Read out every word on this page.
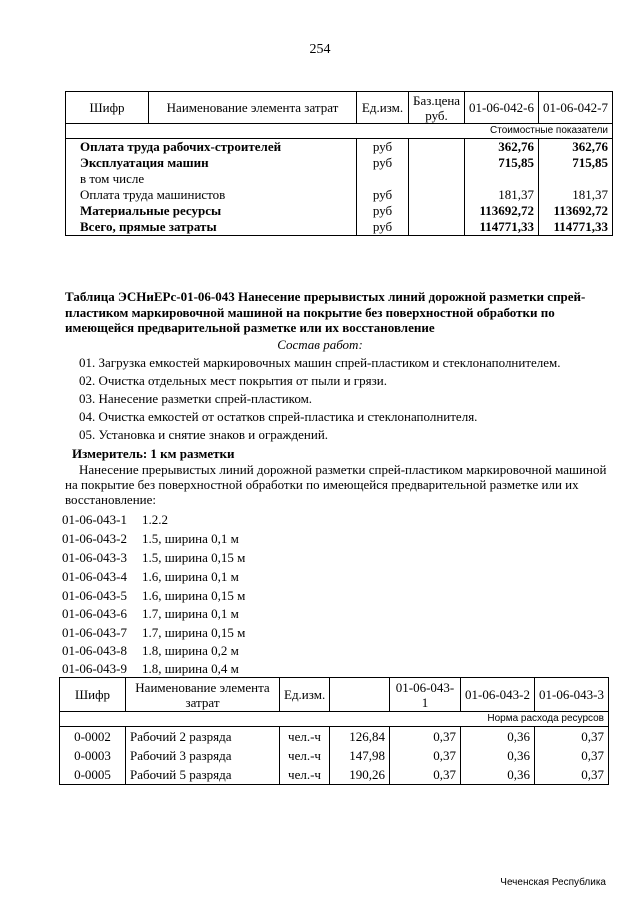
254
Шифр	Наименование элемента затрат	Ед.изм.	Баз.цена руб.	01-06-042-6	01-06-042-7
Стоимостные показатели					
Оплата труда рабочих-строителей		руб		362,76	362,76
Эксплуатация машин		руб		715,85	715,85
в том числе					
Оплата труда машинистов		руб		181,37	181,37
Материальные ресурсы		руб		113692,72	113692,72
Всего, прямые затраты		руб		114771,33	114771,33
Таблица ЭСНиЕРс-01-06-043 Нанесение прерывистых линий дорожной разметки спрей-
пластиком маркировочной машиной на покрытие без поверхностной обработки по
имеющейся предварительной разметке или их восстановление
Состав работ:
01. Загрузка емкостей маркировочных машин спрей-пластиком и стеклонаполнителем.
02. Очистка отдельных мест покрытия от пыли и грязи.
03. Нанесение разметки спрей-пластиком.
04. Очистка емкостей от остатков спрей-пластика и стеклонаполнителя.
05. Установка и снятие знаков и ограждений.
Измеритель: 1 км разметки
Нанесение прерывистых линий дорожной разметки спрей-пластиком маркировочной машиной
на покрытие без поверхностной обработки по имеющейся предварительной разметке или их
восстановление:
01-06-043-1	1.2.2
01-06-043-2	1.5, ширина 0,1 м
01-06-043-3	1.5, ширина 0,15 м
01-06-043-4	1.6, ширина 0,1 м
01-06-043-5	1.6, ширина 0,15 м
01-06-043-6	1.7, ширина 0,1 м
01-06-043-7	1.7, ширина 0,15 м
01-06-043-8	1.8, ширина 0,2 м
01-06-043-9	1.8, ширина 0,4 м
Шифр	Наименование элемента затрат	Ед.изм.		01-06-043-1	01-06-043-2	01-06-043-3
Норма расхода ресурсов						
0-0002	Рабочий 2 разряда	чел.-ч	126,84	0,37	0,36	0,37
0-0003	Рабочий 3 разряда	чел.-ч	147,98	0,37	0,36	0,37
0-0005	Рабочий 5 разряда	чел.-ч	190,26	0,37	0,36	0,37
Чеченская Республика
